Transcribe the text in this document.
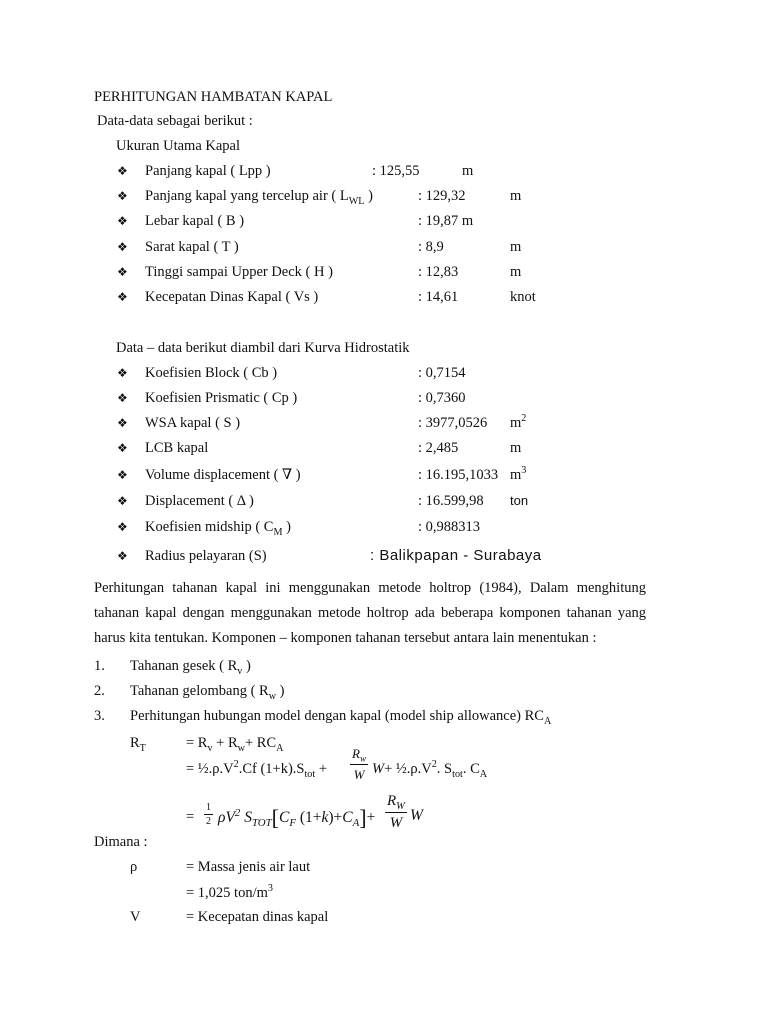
PERHITUNGAN HAMBATAN KAPAL
Data-data sebagai berikut :
Ukuran Utama Kapal
❖ Panjang kapal ( Lpp )	: 125,55	m
❖ Panjang kapal yang tercelup air ( $L_{WL}$ )	: 129,32	m
❖ Lebar kapal ( B )	: 19,87 m
❖ Sarat kapal ( T )	: 8,9	m
❖ Tinggi sampai Upper Deck ( H )	: 12,83	m
❖ Kecepatan Dinas Kapal ( Vs )	: 14,61	knot
Data – data berikut diambil dari Kurva Hidrostatik
❖ Koefisien Block ( Cb )	: 0,7154
❖ Koefisien Prismatic ( Cp )	: 0,7360
❖ WSA kapal ( S )	: 3977,0526 $m^2$
❖ LCB kapal	: 2,485	m
❖ Volume displacement ( ∇ )	: 16.195,1033 $m^3$
❖ Displacement ( Δ )	: 16.599,98 ton
❖ Koefisien midship ( $C_M$ )	: 0,988313
❖ Radius pelayaran (S)	: Balikpapan - Surabaya
Perhitungan tahanan kapal ini menggunakan metode holtrop (1984), Dalam menghitung tahanan kapal dengan menggunakan metode holtrop ada beberapa komponen tahanan yang harus kita tentukan. Komponen – komponen tahanan tersebut antara lain menentukan :
1. Tahanan gesek ( $R_v$ )
2. Tahanan gelombang ( $R_w$ )
3. Perhitungan hubungan model dengan kapal (model ship allowance) $RC_A$
$R_T$	= $R_v + R_w+ RC_A$
= $\frac{1}{2}.\rho.V^2.Cf$ $(1+k).S_{tot} + \frac{R_w}{W} W+$ $\frac{1}{2}.\rho.V^2$. $S_{tot}$. $C_A$
= $\frac{1}{2} \rho V^2$ $S_{TOT}[C_F$ $(1+k)+C_A]+ \frac{R_W}{W}$ W
Dimana :
ρ	= Massa jenis air laut
= 1,025 ton/$m^3$
V	= Kecepatan dinas kapal
